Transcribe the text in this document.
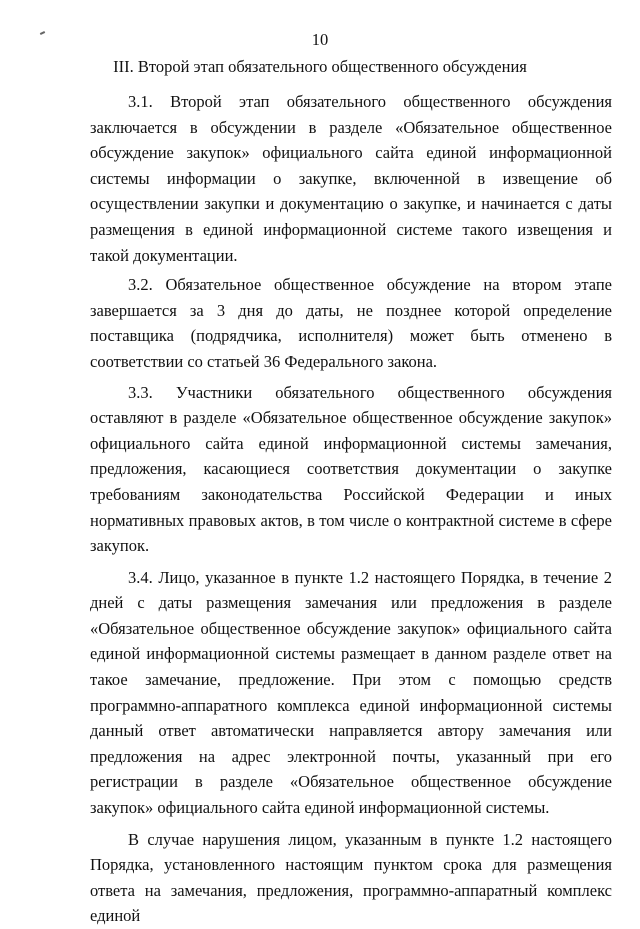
10
III. Второй этап обязательного общественного обсуждения

3.1. Второй этап обязательного общественного обсуждения заключается в обсуждении в разделе «Обязательное общественное обсуждение закупок» официального сайта единой информационной системы информации о закупке, включенной в извещение об осуществлении закупки и документацию о закупке, и начинается с даты размещения в единой информационной системе такого извещения и такой документации.

3.2. Обязательное общественное обсуждение на втором этапе завершается за 3 дня до даты, не позднее которой определение поставщика (подрядчика, исполнителя) может быть отменено в соответствии со статьей 36 Федерального закона.

3.3. Участники обязательного общественного обсуждения оставляют в разделе «Обязательное общественное обсуждение закупок» официального сайта единой информационной системы замечания, предложения, касающиеся соответствия документации о закупке требованиям законодательства Российской Федерации и иных нормативных правовых актов, в том числе о контрактной системе в сфере закупок.

3.4. Лицо, указанное в пункте 1.2 настоящего Порядка, в течение 2 дней с даты размещения замечания или предложения в разделе «Обязательное общественное обсуждение закупок» официального сайта единой информационной системы размещает в данном разделе ответ на такое замечание, предложение. При этом с помощью средств программно-аппаратного комплекса единой информационной системы данный ответ автоматически направляется автору замечания или предложения на адрес электронной почты, указанный при его регистрации в разделе «Обязательное общественное обсуждение закупок» официального сайта единой информационной системы.

В случае нарушения лицом, указанным в пункте 1.2 настоящего Порядка, установленного настоящим пунктом срока для размещения ответа на замечания, предложения, программно-аппаратный комплекс единой
